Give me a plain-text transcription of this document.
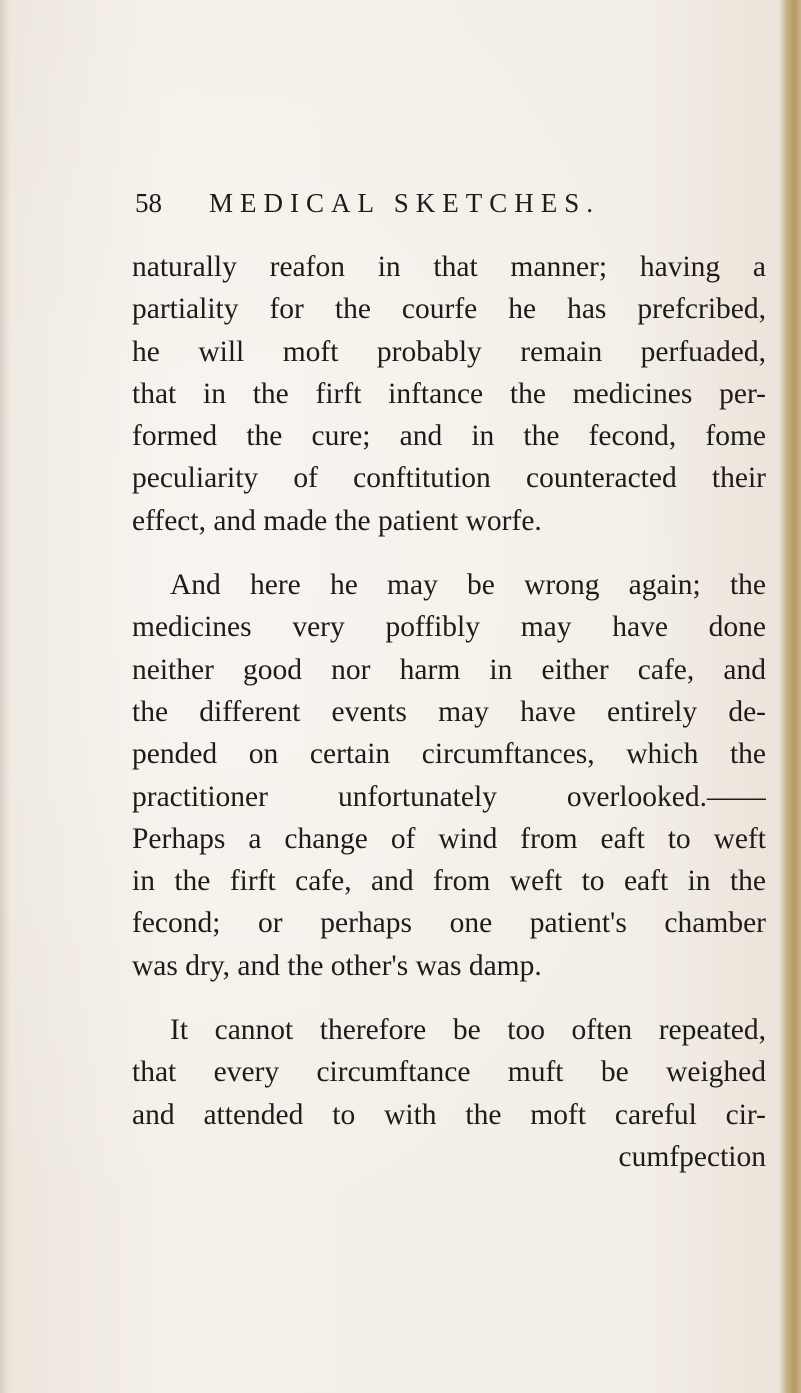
58 MEDICAL SKETCHES.
naturally reafon in that manner; having a
partiality for the courfe he has prefcribed,
he will moft probably remain perfuaded,
that in the firft inftance the medicines per-
formed the cure; and in the fecond, fome
peculiarity of conftitution counteracted their
effect, and made the patient worfe.
And here he may be wrong again; the
medicines very poffibly may have done
neither good nor harm in either cafe, and
the different events may have entirely de-
pended on certain circumftances, which the
practitioner unfortunately overlooked.——
Perhaps a change of wind from eaft to weft
in the firft cafe, and from weft to eaft in the
fecond; or perhaps one patient's chamber
was dry, and the other's was damp.
It cannot therefore be too often repeated,
that every circumftance muft be weighed
and attended to with the moft careful cir-
cumfpection
